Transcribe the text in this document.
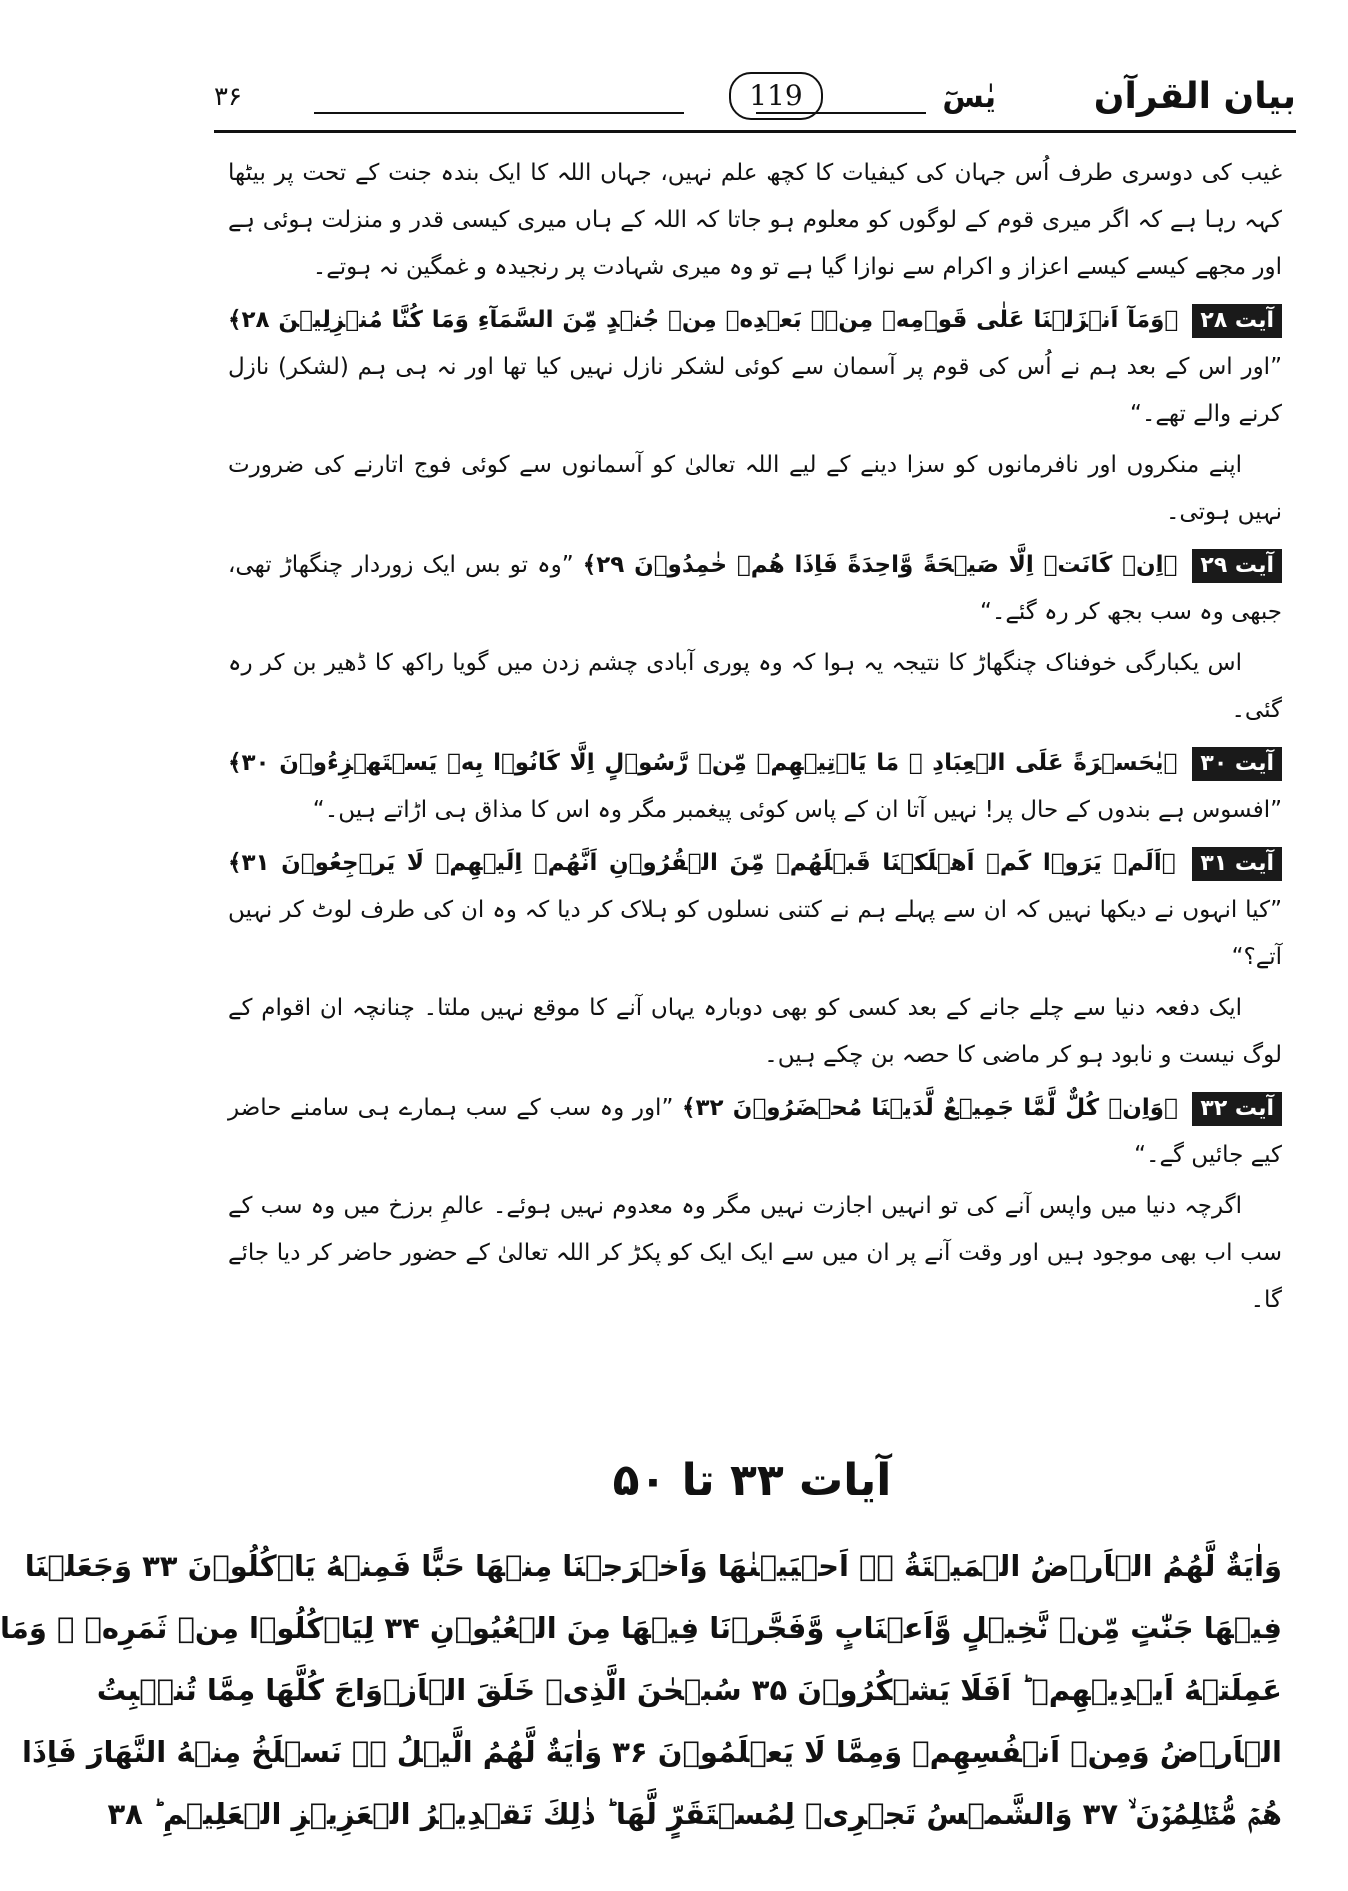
بیان القرآن
یٰسٓ
119
۳۶

غیب کی دوسری طرف اُس جہان کی کیفیات کا کچھ علم نہیں، جہاں اللہ کا ایک بندہ جنت کے تحت پر بیٹھا کہہ رہا ہے کہ اگر میری قوم کے لوگوں کو معلوم ہو جاتا کہ اللہ کے ہاں میری کیسی قدر و منزلت ہوئی ہے اور مجھے کیسے کیسے اعزاز و اکرام سے نوازا گیا ہے تو وہ میری شہادت پر رنجیدہ و غمگین نہ ہوتے۔

آیت ۲۸ ﴿وَمَآ اَنۡزَلۡنَا عَلٰی قَوۡمِهٖ مِنۡۢ بَعۡدِهٖ مِنۡ جُنۡدٍ مِّنَ السَّمَآءِ وَمَا كُنَّا مُنۡزِلِيۡنَ ۲۸﴾ ”اور اس کے بعد ہم نے اُس کی قوم پر آسمان سے کوئی لشکر نازل نہیں کیا تھا اور نہ ہی ہم (لشکر) نازل کرنے والے تھے۔“

اپنے منکروں اور نافرمانوں کو سزا دینے کے لیے اللہ تعالیٰ کو آسمانوں سے کوئی فوج اتارنے کی ضرورت نہیں ہوتی۔

آیت ۲۹ ﴿اِنۡ كَانَتۡ اِلَّا صَيۡحَةً وَّاحِدَةً فَاِذَا هُمۡ خٰمِدُوۡنَ ۲۹﴾ ”وہ تو بس ایک زوردار چنگھاڑ تھی، جبھی وہ سب بجھ کر رہ گئے۔“

اس یکبارگی خوفناک چنگھاڑ کا نتیجہ یہ ہوا کہ وہ پوری آبادی چشم زدن میں گویا راکھ کا ڈھیر بن کر رہ گئی۔

آیت ۳۰ ﴿يٰحَسۡرَةً عَلَى الۡعِبَادِ ۚ مَا يَاۡتِيۡهِمۡ مِّنۡ رَّسُوۡلٍ اِلَّا كَانُوۡا بِهٖ يَسۡتَهۡزِءُوۡنَ ۳۰﴾ ”افسوس ہے بندوں کے حال پر! نہیں آتا ان کے پاس کوئی پیغمبر مگر وہ اس کا مذاق ہی اڑاتے ہیں۔“

آیت ۳۱ ﴿اَلَمۡ يَرَوۡا كَمۡ اَهۡلَكۡنَا قَبۡلَهُمۡ مِّنَ الۡقُرُوۡنِ اَنَّهُمۡ اِلَيۡهِمۡ لَا يَرۡجِعُوۡنَ ۳۱﴾ ”کیا انہوں نے دیکھا نہیں کہ ان سے پہلے ہم نے کتنی نسلوں کو ہلاک کر دیا کہ وہ ان کی طرف لوٹ کر نہیں آتے؟“

ایک دفعہ دنیا سے چلے جانے کے بعد کسی کو بھی دوبارہ یہاں آنے کا موقع نہیں ملتا۔ چنانچہ ان اقوام کے لوگ نیست و نابود ہو کر ماضی کا حصہ بن چکے ہیں۔

آیت ۳۲ ﴿وَاِنۡ كُلٌّ لَّمَّا جَمِيۡعٌ لَّدَيۡنَا مُحۡضَرُوۡنَ ۳۲﴾ ”اور وہ سب کے سب ہمارے ہی سامنے حاضر کیے جائیں گے۔“

اگرچہ دنیا میں واپس آنے کی تو انہیں اجازت نہیں مگر وہ معدوم نہیں ہوئے۔ عالمِ برزخ میں وہ سب کے سب اب بھی موجود ہیں اور وقت آنے پر ان میں سے ایک ایک کو پکڑ کر اللہ تعالیٰ کے حضور حاضر کر دیا جائے گا۔

آیات ۳۳ تا ۵۰
وَاٰيَةٌ لَّهُمُ الۡاَرۡضُ الۡمَيۡتَةُ ۚۖ اَحۡيَيۡنٰهَا وَاَخۡرَجۡنَا مِنۡهَا حَبًّا فَمِنۡهُ يَاۡكُلُوۡنَ ۳۳ وَجَعَلۡنَا
فِيۡهَا جَنّٰتٍ مِّنۡ نَّخِيۡلٍ وَّاَعۡنَابٍ وَّفَجَّرۡنَا فِيۡهَا مِنَ الۡعُيُوۡنِ ۳۴ لِيَاۡكُلُوۡا مِنۡ ثَمَرِهٖ ۙ وَمَا
عَمِلَتۡهُ اَيۡدِيۡهِمۡ ؕ اَفَلَا يَشۡكُرُوۡنَ ۳۵ سُبۡحٰنَ الَّذِىۡ خَلَقَ الۡاَزۡوَاجَ كُلَّهَا مِمَّا تُنۡۢبِتُ
الۡاَرۡضُ وَمِنۡ اَنۡفُسِهِمۡ وَمِمَّا لَا يَعۡلَمُوۡنَ ۳۶ وَاٰيَةٌ لَّهُمُ الَّيۡلُ ۚۖ نَسۡلَخُ مِنۡهُ النَّهَارَ فَاِذَا
هُمۡ مُّظۡلِمُوۡنَ ۙ ۳۷ وَالشَّمۡسُ تَجۡرِىۡ لِمُسۡتَقَرٍّ لَّهَا ؕ ذٰلِكَ تَقۡدِيۡرُ الۡعَزِيۡزِ الۡعَلِيۡمِ ؕ ۳۸
